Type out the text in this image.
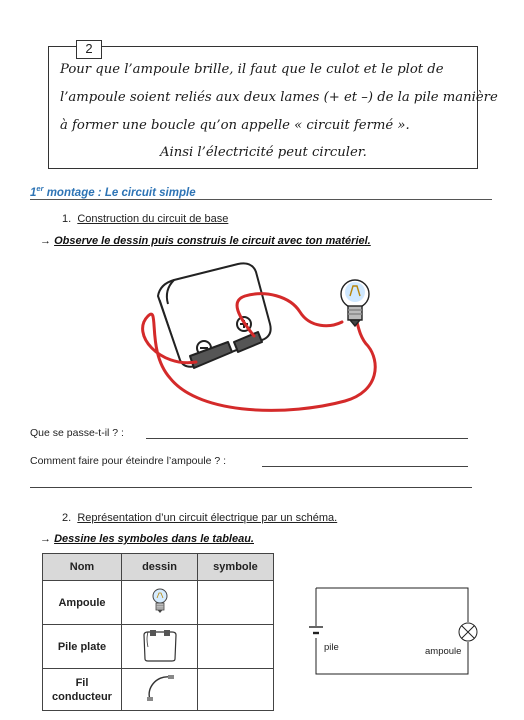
2
Pour que l’ampoule brille, il faut que le culot et le plot de
l’ampoule soient reliés aux deux lames (+ et –) de la pile manière
à former une boucle qu’on appelle « circuit fermé ».
Ainsi l’électricité peut circuler.
1er montage : Le circuit simple
1. Construction du circuit de base
→ Observe le dessin puis construis le circuit avec ton matériel.
Que se passe-t-il ? :
Comment faire pour éteindre l’ampoule ? :
2. Représentation d’un circuit électrique par un schéma.
→ Dessine les symboles dans le tableau.
Nom	dessin	symbole
Ampoule		
Pile plate		
Fil
conducteur		
pile	ampoule
